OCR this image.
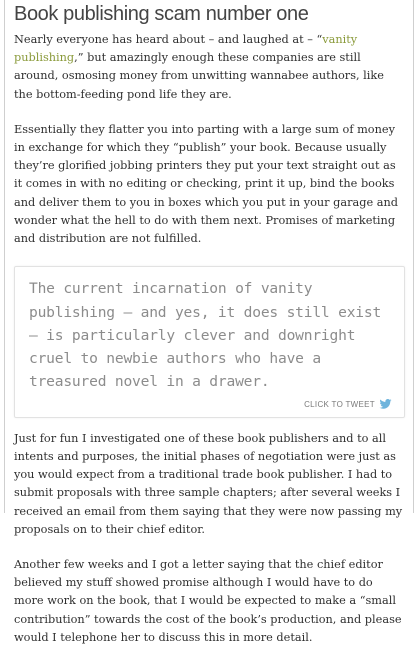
Book publishing scam number one

Nearly everyone has heard about – and laughed at – “vanity publishing,” but amazingly enough these companies are still around, osmosing money from unwitting wannabee authors, like the bottom-feeding pond life they are.

Essentially they flatter you into parting with a large sum of money in exchange for which they “publish” your book. Because usually they’re glorified jobbing printers they put your text straight out as it comes in with no editing or checking, print it up, bind the books and deliver them to you in boxes which you put in your garage and wonder what the hell to do with them next. Promises of marketing and distribution are not fulfilled.

The current incarnation of vanity publishing – and yes, it does still exist – is particularly clever and downright cruel to newbie authors who have a treasured novel in a drawer.
CLICK TO TWEET

Just for fun I investigated one of these book publishers and to all intents and purposes, the initial phases of negotiation were just as you would expect from a traditional trade book publisher. I had to submit proposals with three sample chapters; after several weeks I received an email from them saying that they were now passing my proposals on to their chief editor.

Another few weeks and I got a letter saying that the chief editor believed my stuff showed promise although I would have to do more work on the book, that I would be expected to make a “small contribution” towards the cost of the book’s production, and please would I telephone her to discuss this in more detail.
